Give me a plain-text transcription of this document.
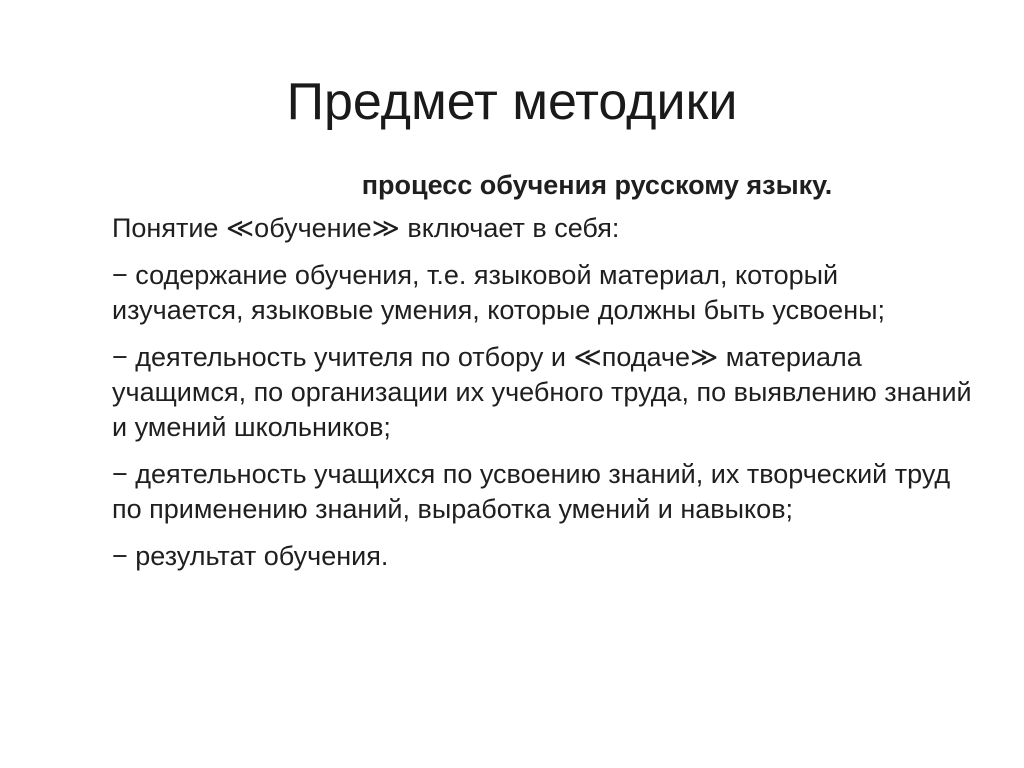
Предмет методики

процесс обучения русскому языку.

Понятие ≪обучение≫ включает в себя:

− содержание обучения, т.е. языковой материал, который изучается, языковые умения, которые должны быть усвоены;

− деятельность учителя по отбору и ≪подаче≫ материала учащимся, по организации их учебного труда, по выявлению знаний и умений школьников;

− деятельность учащихся по усвоению знаний, их творческий труд по применению знаний, выработка умений и навыков;

− результат обучения.
